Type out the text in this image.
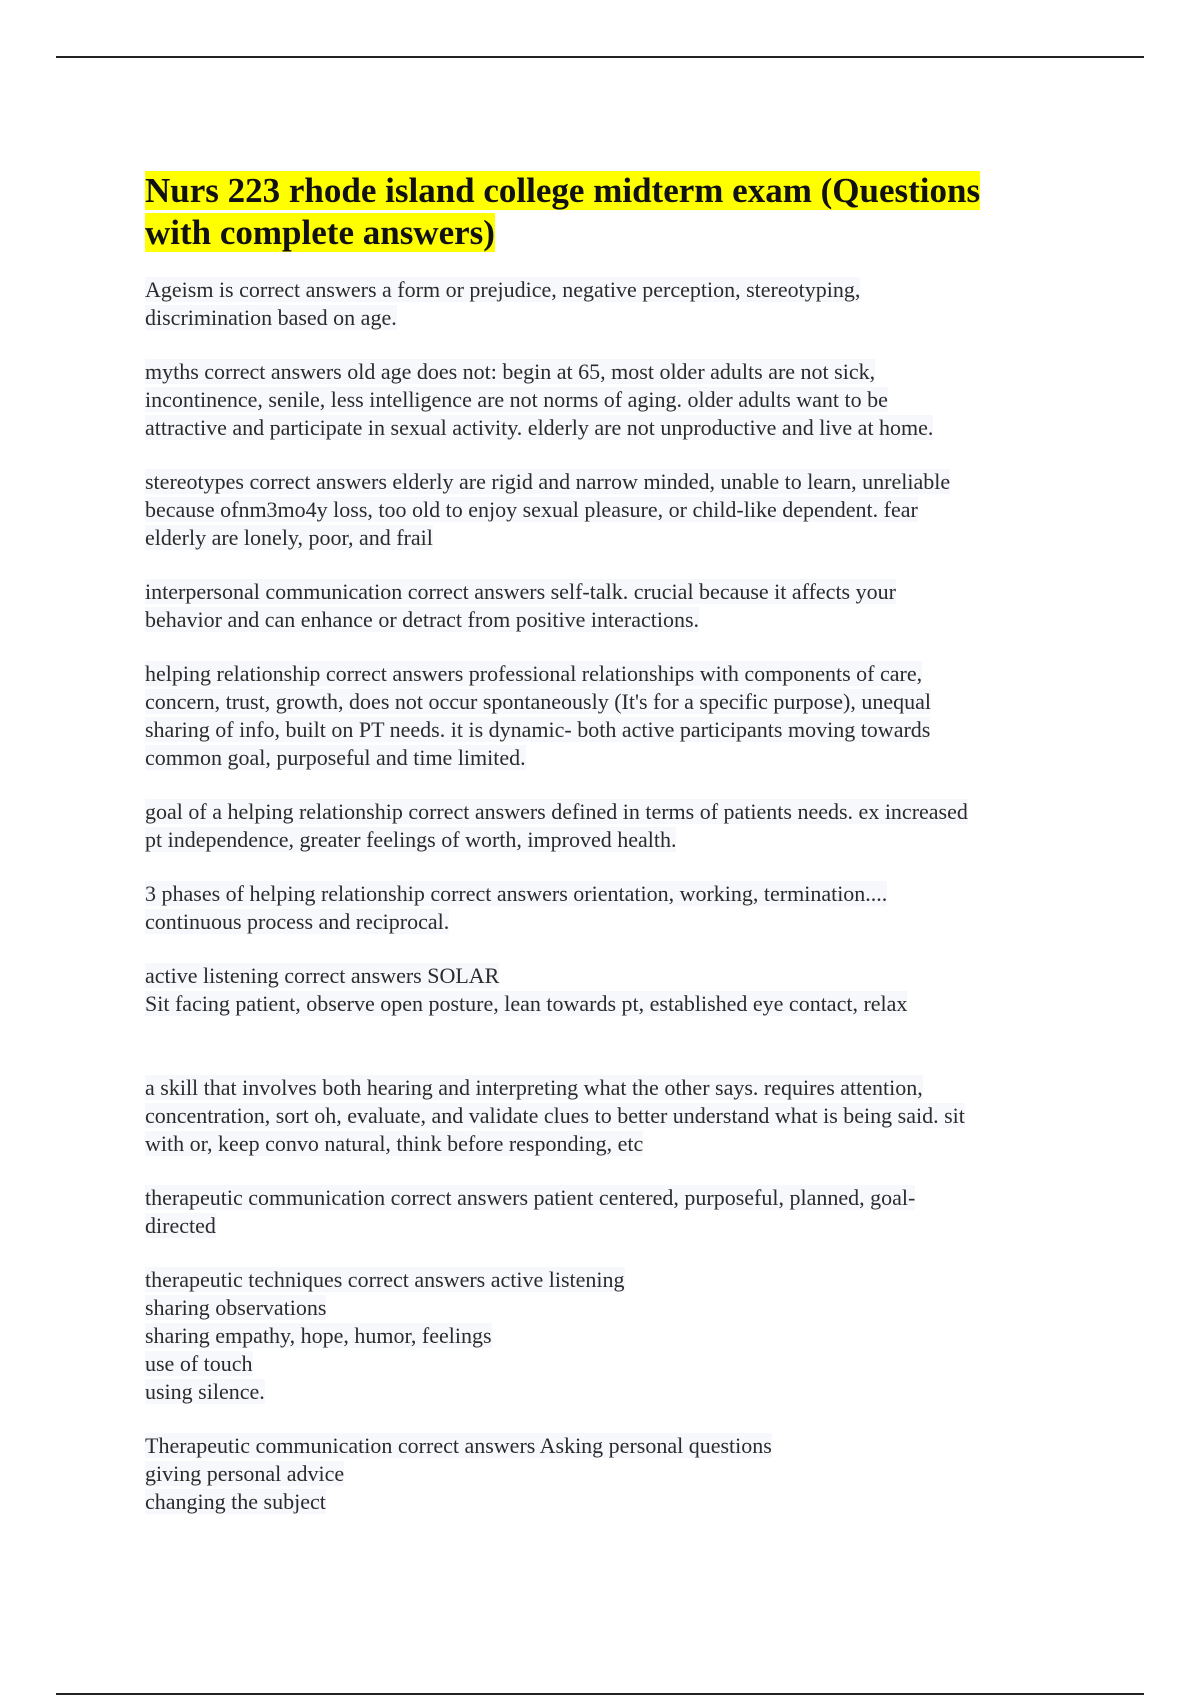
Nurs 223 rhode island college midterm exam (Questions
with complete answers)
Ageism is correct answers a form or prejudice, negative perception, stereotyping,
discrimination based on age.
myths correct answers old age does not: begin at 65, most older adults are not sick,
incontinence, senile, less intelligence are not norms of aging. older adults want to be
attractive and participate in sexual activity. elderly are not unproductive and live at home.
stereotypes correct answers elderly are rigid and narrow minded, unable to learn, unreliable
because ofnm3mo4y loss, too old to enjoy sexual pleasure, or child-like dependent. fear
elderly are lonely, poor, and frail
interpersonal communication correct answers self-talk. crucial because it affects your
behavior and can enhance or detract from positive interactions.
helping relationship correct answers professional relationships with components of care,
concern, trust, growth, does not occur spontaneously (It's for a specific purpose), unequal
sharing of info, built on PT needs. it is dynamic- both active participants moving towards
common goal, purposeful and time limited.
goal of a helping relationship correct answers defined in terms of patients needs. ex increased
pt independence, greater feelings of worth, improved health.
3 phases of helping relationship correct answers orientation, working, termination....
continuous process and reciprocal.
active listening correct answers SOLAR
Sit facing patient, observe open posture, lean towards pt, established eye contact, relax
a skill that involves both hearing and interpreting what the other says. requires attention,
concentration, sort oh, evaluate, and validate clues to better understand what is being said. sit
with or, keep convo natural, think before responding, etc
therapeutic communication correct answers patient centered, purposeful, planned, goal-
directed
therapeutic techniques correct answers active listening
sharing observations
sharing empathy, hope, humor, feelings
use of touch
using silence.
Therapeutic communication correct answers Asking personal questions
giving personal advice
changing the subject
